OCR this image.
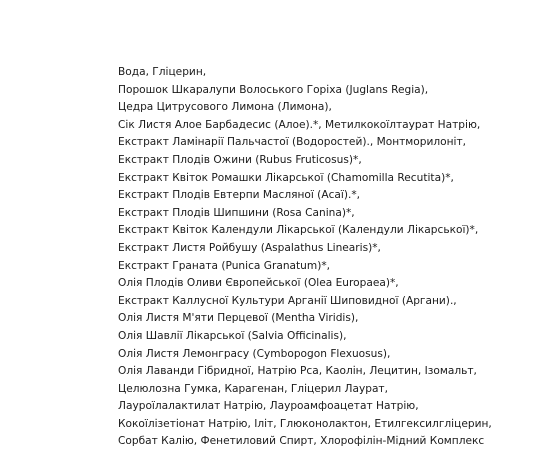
Вода, Гліцерин,
Порошок Шкаралупи Волоського Горіха (Juglans Regia),
Цедра Цитрусового Лимона (Лимона),
Сік Листя Алое Барбадесис (Алое).*, Метилкокоїлтаурат Натрію,
Екстракт Ламінарії Пальчастої (Водоростей)., Монтморилоніт,
Екстракт Плодів Ожини (Rubus Fruticosus)*,
Екстракт Квіток Ромашки Лікарської (Chamomilla Recutita)*,
Екстракт Плодів Евтерпи Масляної (Асаї).*,
Екстракт Плодів Шипшини (Rosa Canina)*,
Екстракт Квіток Календули Лікарської (Календули Лікарської)*,
Екстракт Листя Ройбушу (Aspalathus Linearis)*,
Екстракт Граната (Punica Granatum)*,
Олія Плодів Оливи Європейської (Olea Europaea)*,
Екстракт Каллусної Культури Арганії Шиповидної (Аргани).,
Олія Листя М'яти Перцевої (Mentha Viridis),
Олія Шавлії Лікарської (Salvia Officinalis),
Олія Листя Лемонграсу (Cymbopogon Flexuosus),
Олія Лаванди Гібридної, Натрію Pca, Каолін, Лецитин, Ізомальт,
Целюлозна Гумка, Карагенан, Гліцерил Лаурат,
Лауроїлалактилат Натрію, Лауроамфоацетат Натрію,
Кокоїлізетіонат Натрію, Іліт, Глюконолактон, Етилгексилгліцерин,
Сорбат Калію, Фенетиловий Спирт, Хлорофілін-Мідний Комплекс
